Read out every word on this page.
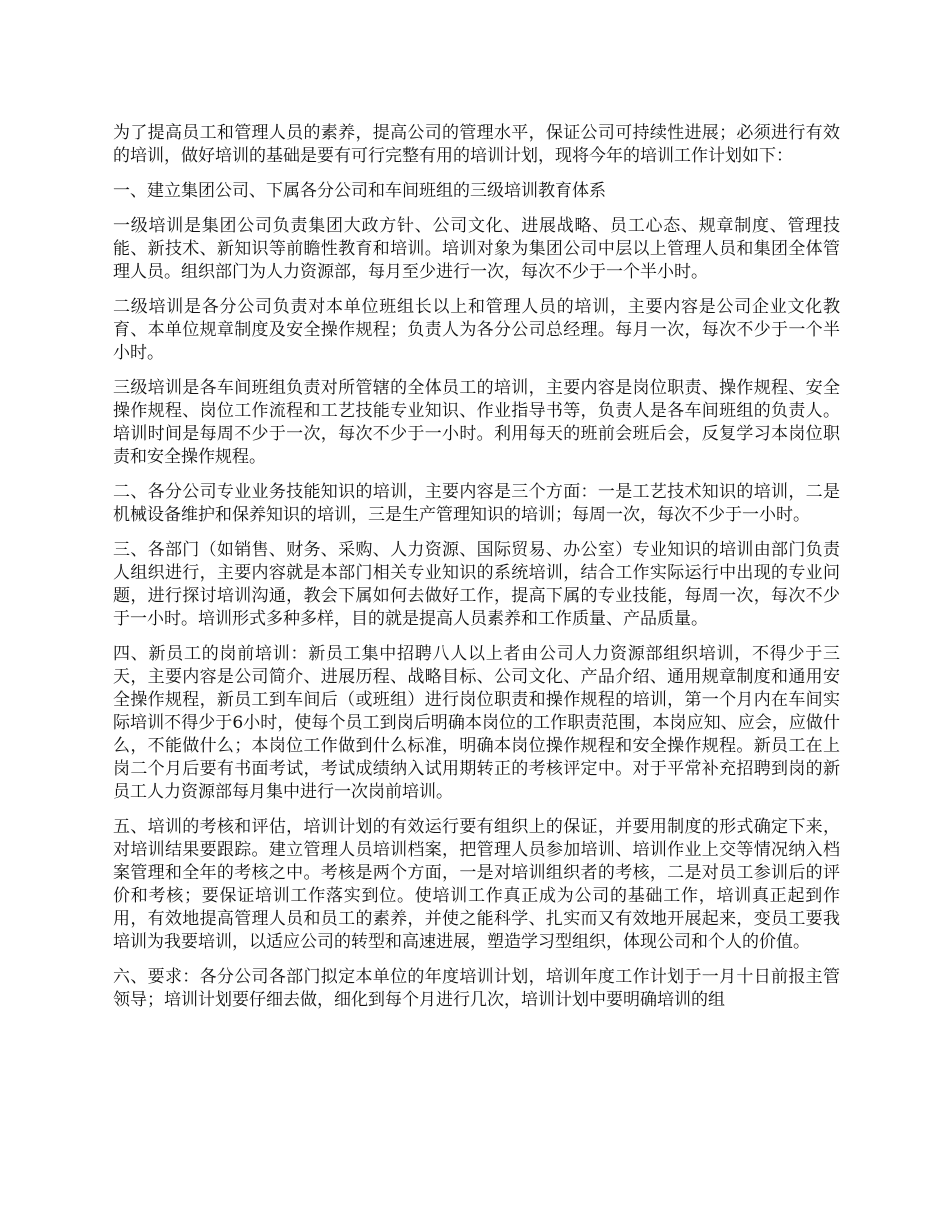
为了提高员工和管理人员的素养，提高公司的管理水平，保证公司可持续性进展；必须进行有效的培训，做好培训的基础是要有可行完整有用的培训计划，现将今年的培训工作计划如下：

一、建立集团公司、下属各分公司和车间班组的三级培训教育体系

一级培训是集团公司负责集团大政方针、公司文化、进展战略、员工心态、规章制度、管理技能、新技术、新知识等前瞻性教育和培训。培训对象为集团公司中层以上管理人员和集团全体管理人员。组织部门为人力资源部，每月至少进行一次，每次不少于一个半小时。

二级培训是各分公司负责对本单位班组长以上和管理人员的培训，主要内容是公司企业文化教育、本单位规章制度及安全操作规程；负责人为各分公司总经理。每月一次，每次不少于一个半小时。

三级培训是各车间班组负责对所管辖的全体员工的培训，主要内容是岗位职责、操作规程、安全操作规程、岗位工作流程和工艺技能专业知识、作业指导书等，负责人是各车间班组的负责人。培训时间是每周不少于一次，每次不少于一小时。利用每天的班前会班后会，反复学习本岗位职责和安全操作规程。

二、各分公司专业业务技能知识的培训，主要内容是三个方面：一是工艺技术知识的培训，二是机械设备维护和保养知识的培训，三是生产管理知识的培训；每周一次，每次不少于一小时。

三、各部门（如销售、财务、采购、人力资源、国际贸易、办公室）专业知识的培训由部门负责人组织进行，主要内容就是本部门相关专业知识的系统培训，结合工作实际运行中出现的专业问题，进行探讨培训沟通，教会下属如何去做好工作，提高下属的专业技能，每周一次，每次不少于一小时。培训形式多种多样，目的就是提高人员素养和工作质量、产品质量。

四、新员工的岗前培训：新员工集中招聘八人以上者由公司人力资源部组织培训，不得少于三天，主要内容是公司简介、进展历程、战略目标、公司文化、产品介绍、通用规章制度和通用安全操作规程，新员工到车间后（或班组）进行岗位职责和操作规程的培训，第一个月内在车间实际培训不得少于6小时，使每个员工到岗后明确本岗位的工作职责范围，本岗应知、应会，应做什么，不能做什么；本岗位工作做到什么标准，明确本岗位操作规程和安全操作规程。新员工在上岗二个月后要有书面考试，考试成绩纳入试用期转正的考核评定中。对于平常补充招聘到岗的新员工人力资源部每月集中进行一次岗前培训。

五、培训的考核和评估，培训计划的有效运行要有组织上的保证，并要用制度的形式确定下来，对培训结果要跟踪。建立管理人员培训档案，把管理人员参加培训、培训作业上交等情况纳入档案管理和全年的考核之中。考核是两个方面，一是对培训组织者的考核，二是对员工参训后的评价和考核；要保证培训工作落实到位。使培训工作真正成为公司的基础工作，培训真正起到作用，有效地提高管理人员和员工的素养，并使之能科学、扎实而又有效地开展起来，变员工要我培训为我要培训，以适应公司的转型和高速进展，塑造学习型组织，体现公司和个人的价值。

六、要求：各分公司各部门拟定本单位的年度培训计划，培训年度工作计划于一月十日前报主管领导；培训计划要仔细去做，细化到每个月进行几次，培训计划中要明确培训的组
